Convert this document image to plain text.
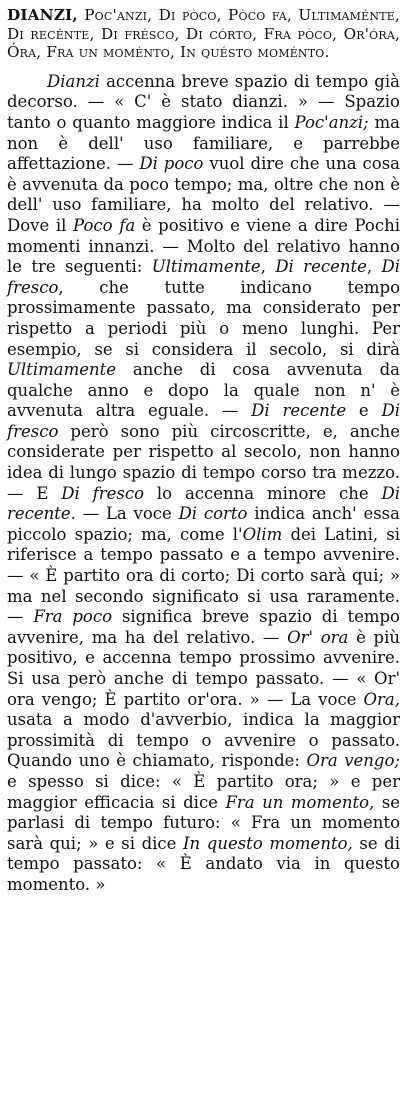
DIANZI, Poc'anzi, Di pòco, Pòco fa, Ultimaménte, Di recénte, Di frésco, Di córto, Fra pòco, Or'óra, Óra, Fra un moménto, In quésto moménto.

Dianzi accenna breve spazio di tempo già decorso. — « C' è stato dianzi. » — Spazio tanto o quanto maggiore indica il Poc'anzi; ma non è dell' uso familiare, e parrebbe affettazione. — Di poco vuol dire che una cosa è avvenuta da poco tempo; ma, oltre che non è dell' uso familiare, ha molto del relativo. — Dove il Poco fa è positivo e viene a dire Pochi momenti innanzi. — Molto del relativo hanno le tre seguenti: Ultimamente, Di recente, Di fresco, che tutte indicano tempo prossimamente passato, ma considerato per rispetto a periodi più o meno lunghi. Per esempio, se si considera il secolo, si dirà Ultimamente anche di cosa avvenuta da qualche anno e dopo la quale non n' è avvenuta altra eguale. — Di recente e Di fresco però sono più circoscritte, e, anche considerate per rispetto al secolo, non hanno idea di lungo spazio di tempo corso tra mezzo. — E Di fresco lo accenna minore che Di recente. — La voce Di corto indica anch' essa piccolo spazio; ma, come l'Olim dei Latini, si riferisce a tempo passato e a tempo avvenire. — « È partito ora di corto; Di corto sarà qui; » ma nel secondo significato si usa raramente. — Fra poco significa breve spazio di tempo avvenire, ma ha del relativo. — Or' ora è più positivo, e accenna tempo prossimo avvenire. Si usa però anche di tempo passato. — « Or' ora vengo; È partito or'ora. » — La voce Ora, usata a modo d'avverbio, indica la maggior prossimità di tempo o avvenire o passato. Quando uno è chiamato, risponde: Ora vengo; e spesso si dice: « È partito ora; » e per maggior efficacia si dice Fra un momento, se parlasi di tempo futuro: « Fra un momento sarà qui; » e si dice In questo momento, se di tempo passato: « È andato via in questo momento. »
